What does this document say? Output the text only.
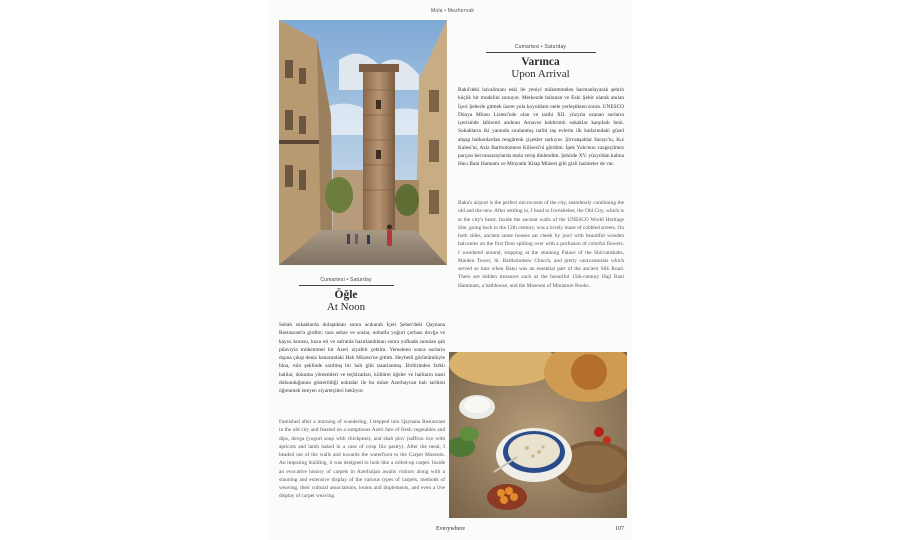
Mola • Mezhervak
Cumartesi • Saturday
Varınca
Upon Arrival
Bakü'deki havalimanı eski ile yeniyi mükemmelen harmanlayarak şehrin küçük bir modelini sunuyor. Merkezde bulunan ve Eski Şehir olarak anılan İçeri Şeherle gitmek üzere yola koyuldum otele yerleştikten sonra. UNESCO Dünya Mirası Listesi'nde olan ve tarihi XII. yüzyıla uzanan surların içerisinde labirenti andıran Arnavut kaldırımlı sokaklar karşıladı beni. Sokakların iki yanında sıralanmış tarihi taş evlerin ilk katlarındaki güzel ahşap balkonlardan rengârenk çiçekler sarkıyor. Şirvanşahlar Sarayı'nı, Kız Kalesi'ni, Aziz Bartholomeus Kilisesi'ni gördüm. İpek Yolu'nun vazgeçilmez parçası kervansaraylarda mola verip dinlendim. Şehirde XV. yüzyıldan kalma Hacı Bani Hamamı ve Minyatür Kitap Müzesi gibi gizli hazineler de var.
Baku's airport is the perfect microcosm of the city, seamlessly combining the old and the new. After settling in, I head to Icerisheher, the Old City, which is at the city's heart. Inside the ancient walls of the UNESCO World Heritage Site, going back to the 12th century, was a lovely maze of cobbled streets. On both sides, ancient stone houses sat cheek by jowl with beautiful wooden balconies on the first floor spilling over with a profusion of colorful flowers. I wandered around, stopping at the stunning Palace of the Shirvanshahs, Maiden Tower, St. Bartholomew Church, and pretty caravanserais which served as inns when Baku was an essential part of the ancient Silk Road. There are hidden treasures such as the beautiful 15th-century Haji Bani Hammam, a bathhouse, and the Museum of Miniature Books.
Cumartesi • Saturday
Öğle
At Noon
Sabah sokaklarda dolaştıktan sonra acıkarak İçeri Şeher'deki Qaynana Restaurant'a girdim; taze sebze ve soslar, nohutlu yoğurt çorbası dovğa ve kayısı kurusu, kuzu eti ve safranla hazırlandıktan sonra yufkada sunulan şah pilavıyla mükemmel bir Azeri ziyafeti çektim. Yemekten sonra surların dışına çıkıp deniz kenarındaki Halı Müzesi'ne gittim. Heybetli görünümlüyle bina, rulo şeklinde sarılmış bir halı gibi tasarlanmış. Birbirinden farklı halılar, dokuma yöntemleri ve teçhizatları, kültürel öğeler ve haliların nasıl dokunduğunun gösterildiği noktalar ile bu müze Azerbaycan halı tarihini öğrenmek isteyen ziyaretçileri bekliyor.
Famished after a morning of wandering, I stepped into Qaynana Restaurant in the old city and feasted on a sumptuous Azeri fare of fresh vegetables and dips, dovga (yogurt soup with chickpeas), and shah plov (saffron rice with apricots and lamb baked in a case of crisp filo pastry). After the meal, I headed out of the walls and towards the waterfront to the Carpet Museum. An imposing building, it was designed to look like a rolled-up carpet. Inside an evocative history of carpets in Azerbaijan awaits visitors along with a stunning and extensive display of the various types of carpets, methods of weaving, their cultural associations, looms and implements, and even a live display of carpet weaving.
Everywhere	107
